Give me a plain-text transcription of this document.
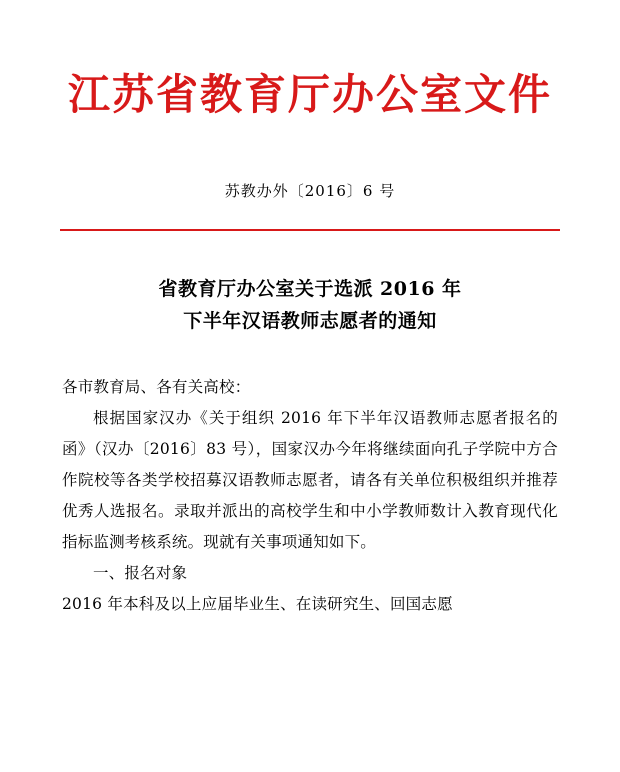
江苏省教育厅办公室文件
苏教办外〔2016〕6 号
省教育厅办公室关于选派 2016 年
下半年汉语教师志愿者的通知

各市教育局、各有关高校：

根据国家汉办《关于组织 2016 年下半年汉语教师志愿者报名的函》（汉办〔2016〕83 号），国家汉办今年将继续面向孔子学院中方合作院校等各类学校招募汉语教师志愿者，请各有关单位积极组织并推荐优秀人选报名。录取并派出的高校学生和中小学教师数计入教育现代化指标监测考核系统。现就有关事项通知如下。

一、报名对象

2016 年本科及以上应届毕业生、在读研究生、回国志愿
